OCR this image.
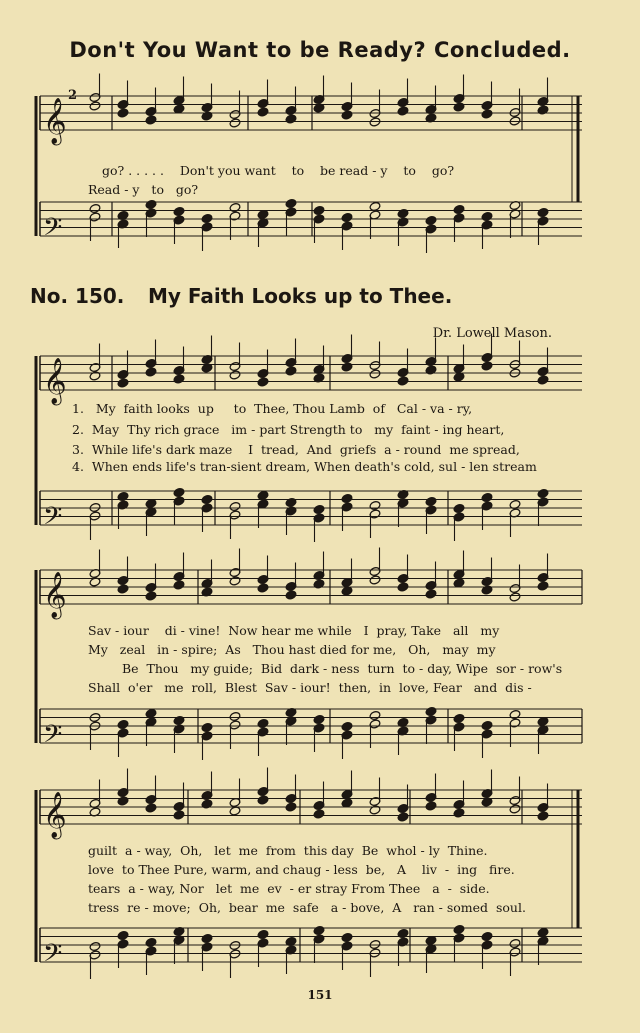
Don't You Want to be Ready? Concluded.
𝄞
𝄢
𝄞
𝄢
𝄞
𝄢
𝄞
𝄢
2
go? . . . . .    Don't you want    to    be read - y    to    go?
Read - y   to   go?
No. 150. My Faith Looks up to Thee.
Dr. Lowell Mason.
1.   My  faith looks  up     to  Thee, Thou Lamb  of   Cal - va - ry,
2.  May  Thy rich grace   im - part Strength to   my  faint - ing heart,
3.  While life's dark maze    I  tread,  And  griefs  a - round  me spread,
4.  When ends life's tran-sient dream, When death's cold, sul - len stream
Sav - iour    di - vine!  Now hear me while   I  pray, Take   all   my
My   zeal   in - spire;  As   Thou hast died for me,   Oh,   may  my
Be  Thou   my guide;  Bid  dark - ness  turn  to - day, Wipe  sor - row's
Shall  o'er   me  roll,  Blest  Sav - iour!  then,  in  love, Fear   and  dis -
guilt  a - way,  Oh,   let  me  from  this day  Be  whol - ly  Thine.
love  to Thee Pure, warm, and chaug - less  be,   A    liv  -  ing   fire.
tears  a - way, Nor   let  me  ev  - er stray From Thee   a  -  side.
tress  re - move;  Oh,  bear  me  safe   a - bove,  A   ran - somed  soul.
151
